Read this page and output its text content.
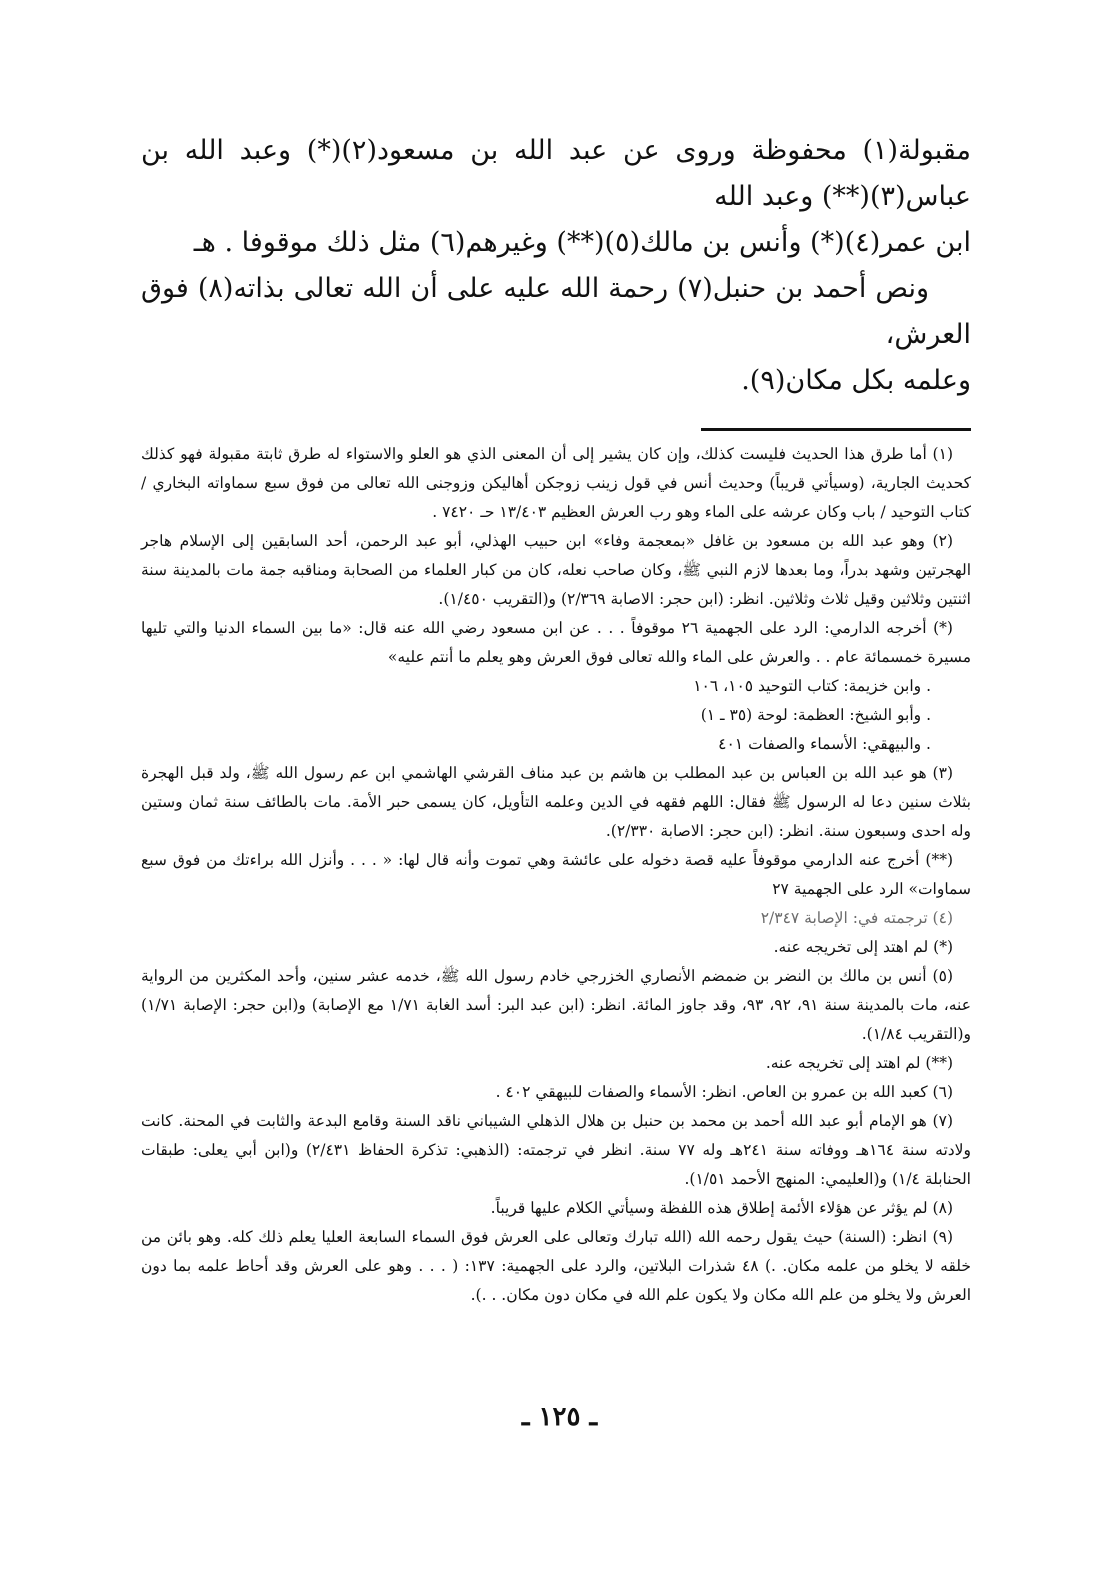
مقبولة(١) محفوظة وروى عن عبد الله بن مسعود(٢)(*) وعبد الله بن عباس(٣)(**) وعبد الله

ابن عمر(٤)(*) وأنس بن مالك(٥)(**) وغيرهم(٦) مثل ذلك موقوفا . هـ

ونص أحمد بن حنبل(٧) رحمة الله عليه على أن الله تعالى بذاته(٨) فوق العرش،

وعلمه بكل مكان(٩).

(١) أما طرق هذا الحديث فليست كذلك، وإن كان يشير إلى أن المعنى الذي هو العلو والاستواء له طرق ثابتة مقبولة فهو كذلك كحديث الجارية، (وسيأتي قريباً) وحديث أنس في قول زينب زوجكن أهاليكن وزوجنى الله تعالى من فوق سبع سماواته البخاري / كتاب التوحيد / باب وكان عرشه على الماء وهو رب العرش العظيم ١٣/٤٠٣ حـ ٧٤٢٠ .

(٢) وهو عبد الله بن مسعود بن غافل «بمعجمة وفاء» ابن حبيب الهذلي، أبو عبد الرحمن، أحد السابقين إلى الإسلام هاجر الهجرتين وشهد بدراً، وما بعدها لازم النبي ﷺ، وكان صاحب نعله، كان من كبار العلماء من الصحابة ومناقبه جمة مات بالمدينة سنة اثنتين وثلاثين وقيل ثلاث وثلاثين. انظر: (ابن حجر: الاصابة ٢/٣٦٩) و(التقريب ١/٤٥٠).

(*) أخرجه الدارمي: الرد على الجهمية ٢٦ موقوفاً . . . عن ابن مسعود رضي الله عنه قال: «ما بين السماء الدنيا والتي تليها مسيرة خمسمائة عام . . والعرش على الماء والله تعالى فوق العرش وهو يعلم ما أنتم عليه»

. وابن خزيمة: كتاب التوحيد ١٠٥، ١٠٦

. وأبو الشيخ: العظمة: لوحة (٣٥ ـ ١)

. والبيهقي: الأسماء والصفات ٤٠١

(٣) هو عبد الله بن العباس بن عبد المطلب بن هاشم بن عبد مناف القرشي الهاشمي ابن عم رسول الله ﷺ، ولد قبل الهجرة بثلاث سنين دعا له الرسول ﷺ فقال: اللهم فقهه في الدين وعلمه التأويل، كان يسمى حبر الأمة. مات بالطائف سنة ثمان وستين وله احدى وسبعون سنة. انظر: (ابن حجر: الاصابة ٢/٣٣٠).

(**) أخرج عنه الدارمي موقوفاً عليه قصة دخوله على عائشة وهي تموت وأنه قال لها: « . . . وأنزل الله براءتك من فوق سبع سماوات» الرد على الجهمية ٢٧

(٤) ترجمته في: الإصابة ٢/٣٤٧

(*) لم اهتد إلى تخريجه عنه.

(٥) أنس بن مالك بن النضر بن ضمضم الأنصاري الخزرجي خادم رسول الله ﷺ، خدمه عشر سنين، وأحد المكثرين من الرواية عنه، مات بالمدينة سنة ٩١، ٩٢، ٩٣، وقد جاوز المائة. انظر: (ابن عبد البر: أسد الغابة ١/٧١ مع الإصابة) و(ابن حجر: الإصابة ١/٧١) و(التقريب ١/٨٤).

(**) لم اهتد إلى تخريجه عنه.

(٦) كعبد الله بن عمرو بن العاص. انظر: الأسماء والصفات للبيهقي ٤٠٢ .

(٧) هو الإمام أبو عبد الله أحمد بن محمد بن حنبل بن هلال الذهلي الشيباني ناقد السنة وقامع البدعة والثابت في المحنة. كانت ولادته سنة ١٦٤هـ ووفاته سنة ٢٤١هـ وله ٧٧ سنة. انظر في ترجمته: (الذهبي: تذكرة الحفاظ ٢/٤٣١) و(ابن أبي يعلى: طبقات الحنابلة ١/٤) و(العليمي: المنهج الأحمد ١/٥١).

(٨) لم يؤثر عن هؤلاء الأئمة إطلاق هذه اللفظة وسيأتي الكلام عليها قريباً.

(٩) انظر: (السنة) حيث يقول رحمه الله (الله تبارك وتعالى على العرش فوق السماء السابعة العليا يعلم ذلك كله. وهو بائن من خلقه لا يخلو من علمه مكان. .) ٤٨ شذرات البلاتين، والرد على الجهمية: ١٣٧: ( . . . وهو على العرش وقد أحاط علمه بما دون العرش ولا يخلو من علم الله مكان ولا يكون علم الله في مكان دون مكان. . .).

ـ ١٢٥ ـ
